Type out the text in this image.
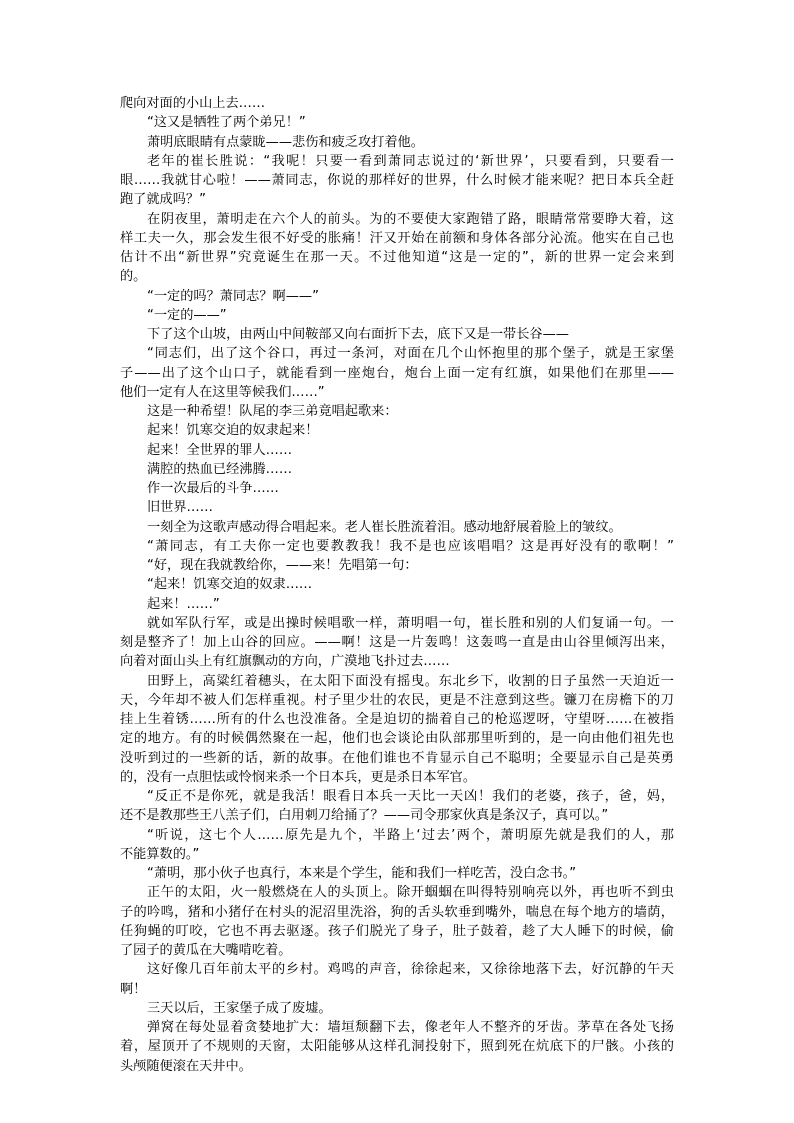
爬向对面的小山上去……

“这又是牺牲了两个弟兄！”

萧明底眼睛有点蒙眬——悲伤和疲乏攻打着他。

老年的崔长胜说：“我呢！只要一看到萧同志说过的‘新世界’，只要看到，只要看一

眼……我就甘心啦！——萧同志，你说的那样好的世界，什么时候才能来呢？把日本兵全赶

跑了就成吗？”

在阴夜里，萧明走在六个人的前头。为的不要使大家跑错了路，眼睛常常要睁大着，这

样工夫一久，那会发生很不好受的胀痛！汗又开始在前额和身体各部分沁流。他实在自己也

估计不出“新世界”究竟诞生在那一天。不过他知道“这是一定的”，新的世界一定会来到

的。

“一定的吗？萧同志？啊——”

“一定的——”

下了这个山坡，由两山中间鞍部又向右面折下去，底下又是一带长谷——

“同志们，出了这个谷口，再过一条河，对面在几个山怀抱里的那个堡子，就是王家堡

子——出了这个山口子，就能看到一座炮台，炮台上面一定有红旗，如果他们在那里——

他们一定有人在这里等候我们……”

这是一种希望！队尾的李三弟竟唱起歌来：

起来！饥寒交迫的奴隶起来！

起来！全世界的罪人……

满腔的热血已经沸腾……

作一次最后的斗争……

旧世界……

一刻全为这歌声感动得合唱起来。老人崔长胜流着泪。感动地舒展着脸上的皱纹。

“萧同志，有工夫你一定也要教教我！我不是也应该唱唱？这是再好没有的歌啊！”

“好，现在我就教给你，——来！先唱第一句：

“起来！饥寒交迫的奴隶……

起来！……”

就如军队行军，或是出操时候唱歌一样，萧明唱一句，崔长胜和别的人们复诵一句。一

刻是整齐了！加上山谷的回应。——啊！这是一片轰鸣！这轰鸣一直是由山谷里倾泻出来，

向着对面山头上有红旗飘动的方向，广漠地飞扑过去……

田野上，高粱红着穗头，在太阳下面没有摇曳。东北乡下，收割的日子虽然一天迫近一

天，今年却不被人们怎样重视。村子里少壮的农民，更是不注意到这些。镰刀在房檐下的刀

挂上生着锈……所有的什么也没准备。全是迫切的揣着自己的枪巡逻呀，守望呀……在被指

定的地方。有的时候偶然聚在一起，他们也会谈论由队部那里听到的，是一向由他们祖先也

没听到过的一些新的话，新的故事。在他们谁也不肯显示自己不聪明；全要显示自己是英勇

的，没有一点胆怯或怜悯来杀一个日本兵，更是杀日本军官。

“反正不是你死，就是我活！眼看日本兵一天比一天凶！我们的老婆，孩子，爸，妈，

还不是教那些王八羔子们，白用刺刀给捅了？——司令那家伙真是条汉子，真可以。”

“听说，这七个人……原先是九个，半路上‘过去’两个，萧明原先就是我们的人，那

不能算数的。”

“萧明，那小伙子也真行，本来是个学生，能和我们一样吃苦，没白念书。”

正午的太阳，火一般燃烧在人的头顶上。除开蝈蝈在叫得特别响亮以外，再也听不到虫

子的吟鸣，猪和小猪仔在村头的泥沼里洗浴，狗的舌头软垂到嘴外，喘息在每个地方的墙荫，

任狗蝇的叮咬，它也不再去驱逐。孩子们脱光了身子，肚子鼓着，趁了大人睡下的时候，偷

了园子的黄瓜在大嘴啃吃着。

这好像几百年前太平的乡村。鸡鸣的声音，徐徐起来，又徐徐地落下去，好沉静的午天

啊！

三天以后，王家堡子成了废墟。

弹窝在每处显着贪婪地扩大：墙垣颓翻下去，像老年人不整齐的牙齿。茅草在各处飞扬

着，屋顶开了不规则的天窗，太阳能够从这样孔洞投射下，照到死在炕底下的尸骸。小孩的

头颅随便滚在天井中。
